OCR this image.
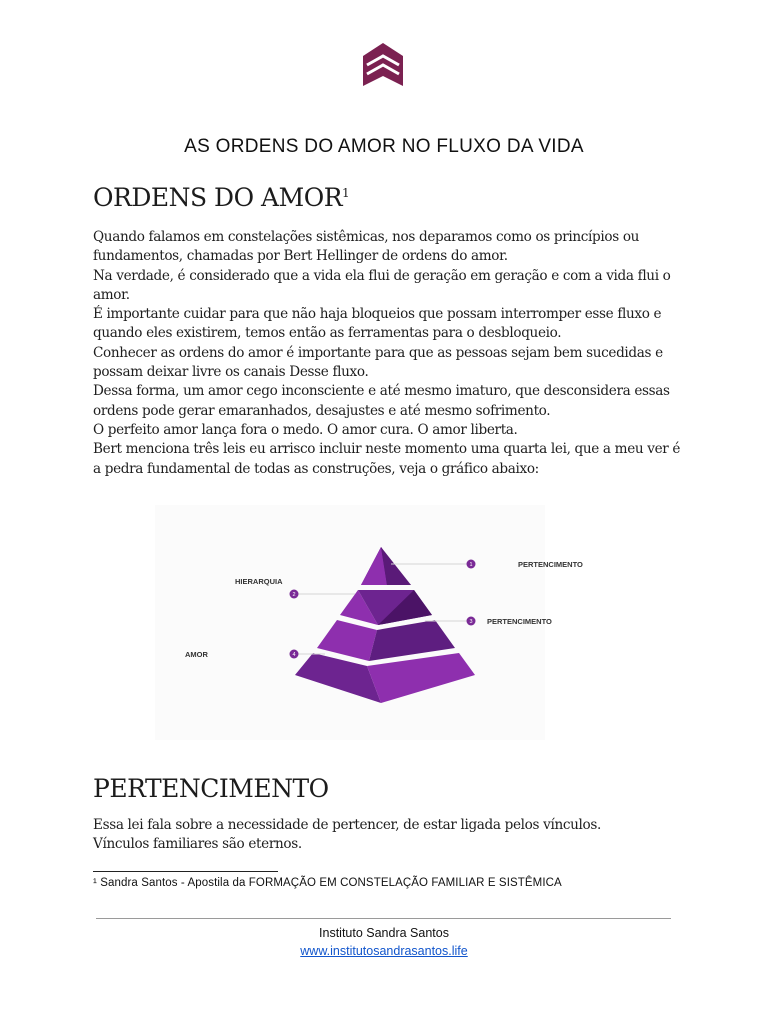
AS ORDENS DO AMOR NO FLUXO DA VIDA
ORDENS DO AMOR$^1$

Quando falamos em constelações sistêmicas, nos deparamos como os princípios ou fundamentos, chamadas por Bert Hellinger de ordens do amor.

Na verdade, é considerado que a vida ela flui de geração em geração e com a vida flui o amor.

É importante cuidar para que não haja bloqueios que possam interromper esse fluxo e quando eles existirem, temos então as ferramentas para o desbloqueio.

Conhecer as ordens do amor é importante para que as pessoas sejam bem sucedidas e possam deixar livre os canais Desse fluxo.

Dessa forma, um amor cego inconsciente e até mesmo imaturo, que desconsidera essas ordens pode gerar emaranhados, desajustes e até mesmo sofrimento.

O perfeito amor lança fora o medo. O amor cura. O amor liberta.

Bert menciona três leis eu arrisco incluir neste momento uma quarta lei, que a meu ver é a pedra fundamental de todas as construções, veja o gráfico abaixo:

1
2
3
4
PERTENCIMENTO
HIERARQUIA
PERTENCIMENTO
AMOR
PERTENCIMENTO

Essa lei fala sobre a necessidade de pertencer, de estar ligada pelos vínculos.

Vínculos familiares são eternos.

¹ Sandra Santos - Apostila da FORMAÇÃO EM CONSTELAÇÃO FAMILIAR E SISTÊMICA
Instituto Sandra Santos
www.institutosandrasantos.life
